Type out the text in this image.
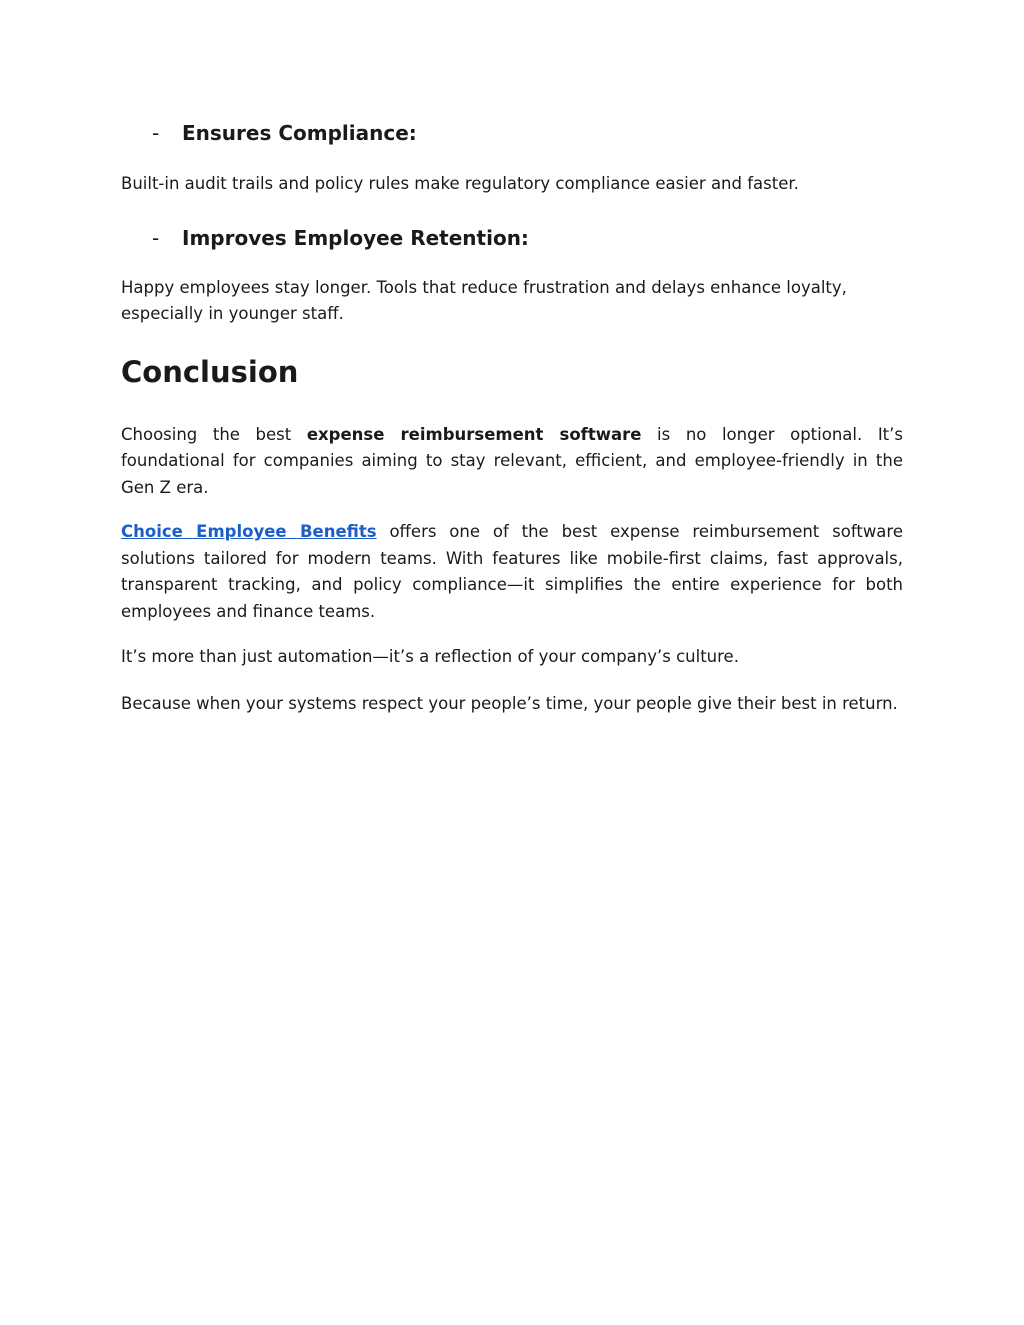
-	Ensures Compliance:

Built-in audit trails and policy rules make regulatory compliance easier and faster.

-	Improves Employee Retention:

Happy employees stay longer. Tools that reduce frustration and delays enhance loyalty, especially in younger staff.

Conclusion

Choosing the best expense reimbursement software is no longer optional. It’s foundational for companies aiming to stay relevant, efficient, and employee-friendly in the Gen Z era.

Choice Employee Benefits offers one of the best expense reimbursement software solutions tailored for modern teams. With features like mobile-first claims, fast approvals, transparent tracking, and policy compliance—it simplifies the entire experience for both employees and finance teams.

It’s more than just automation—it’s a reflection of your company’s culture.

Because when your systems respect your people’s time, your people give their best in return.
